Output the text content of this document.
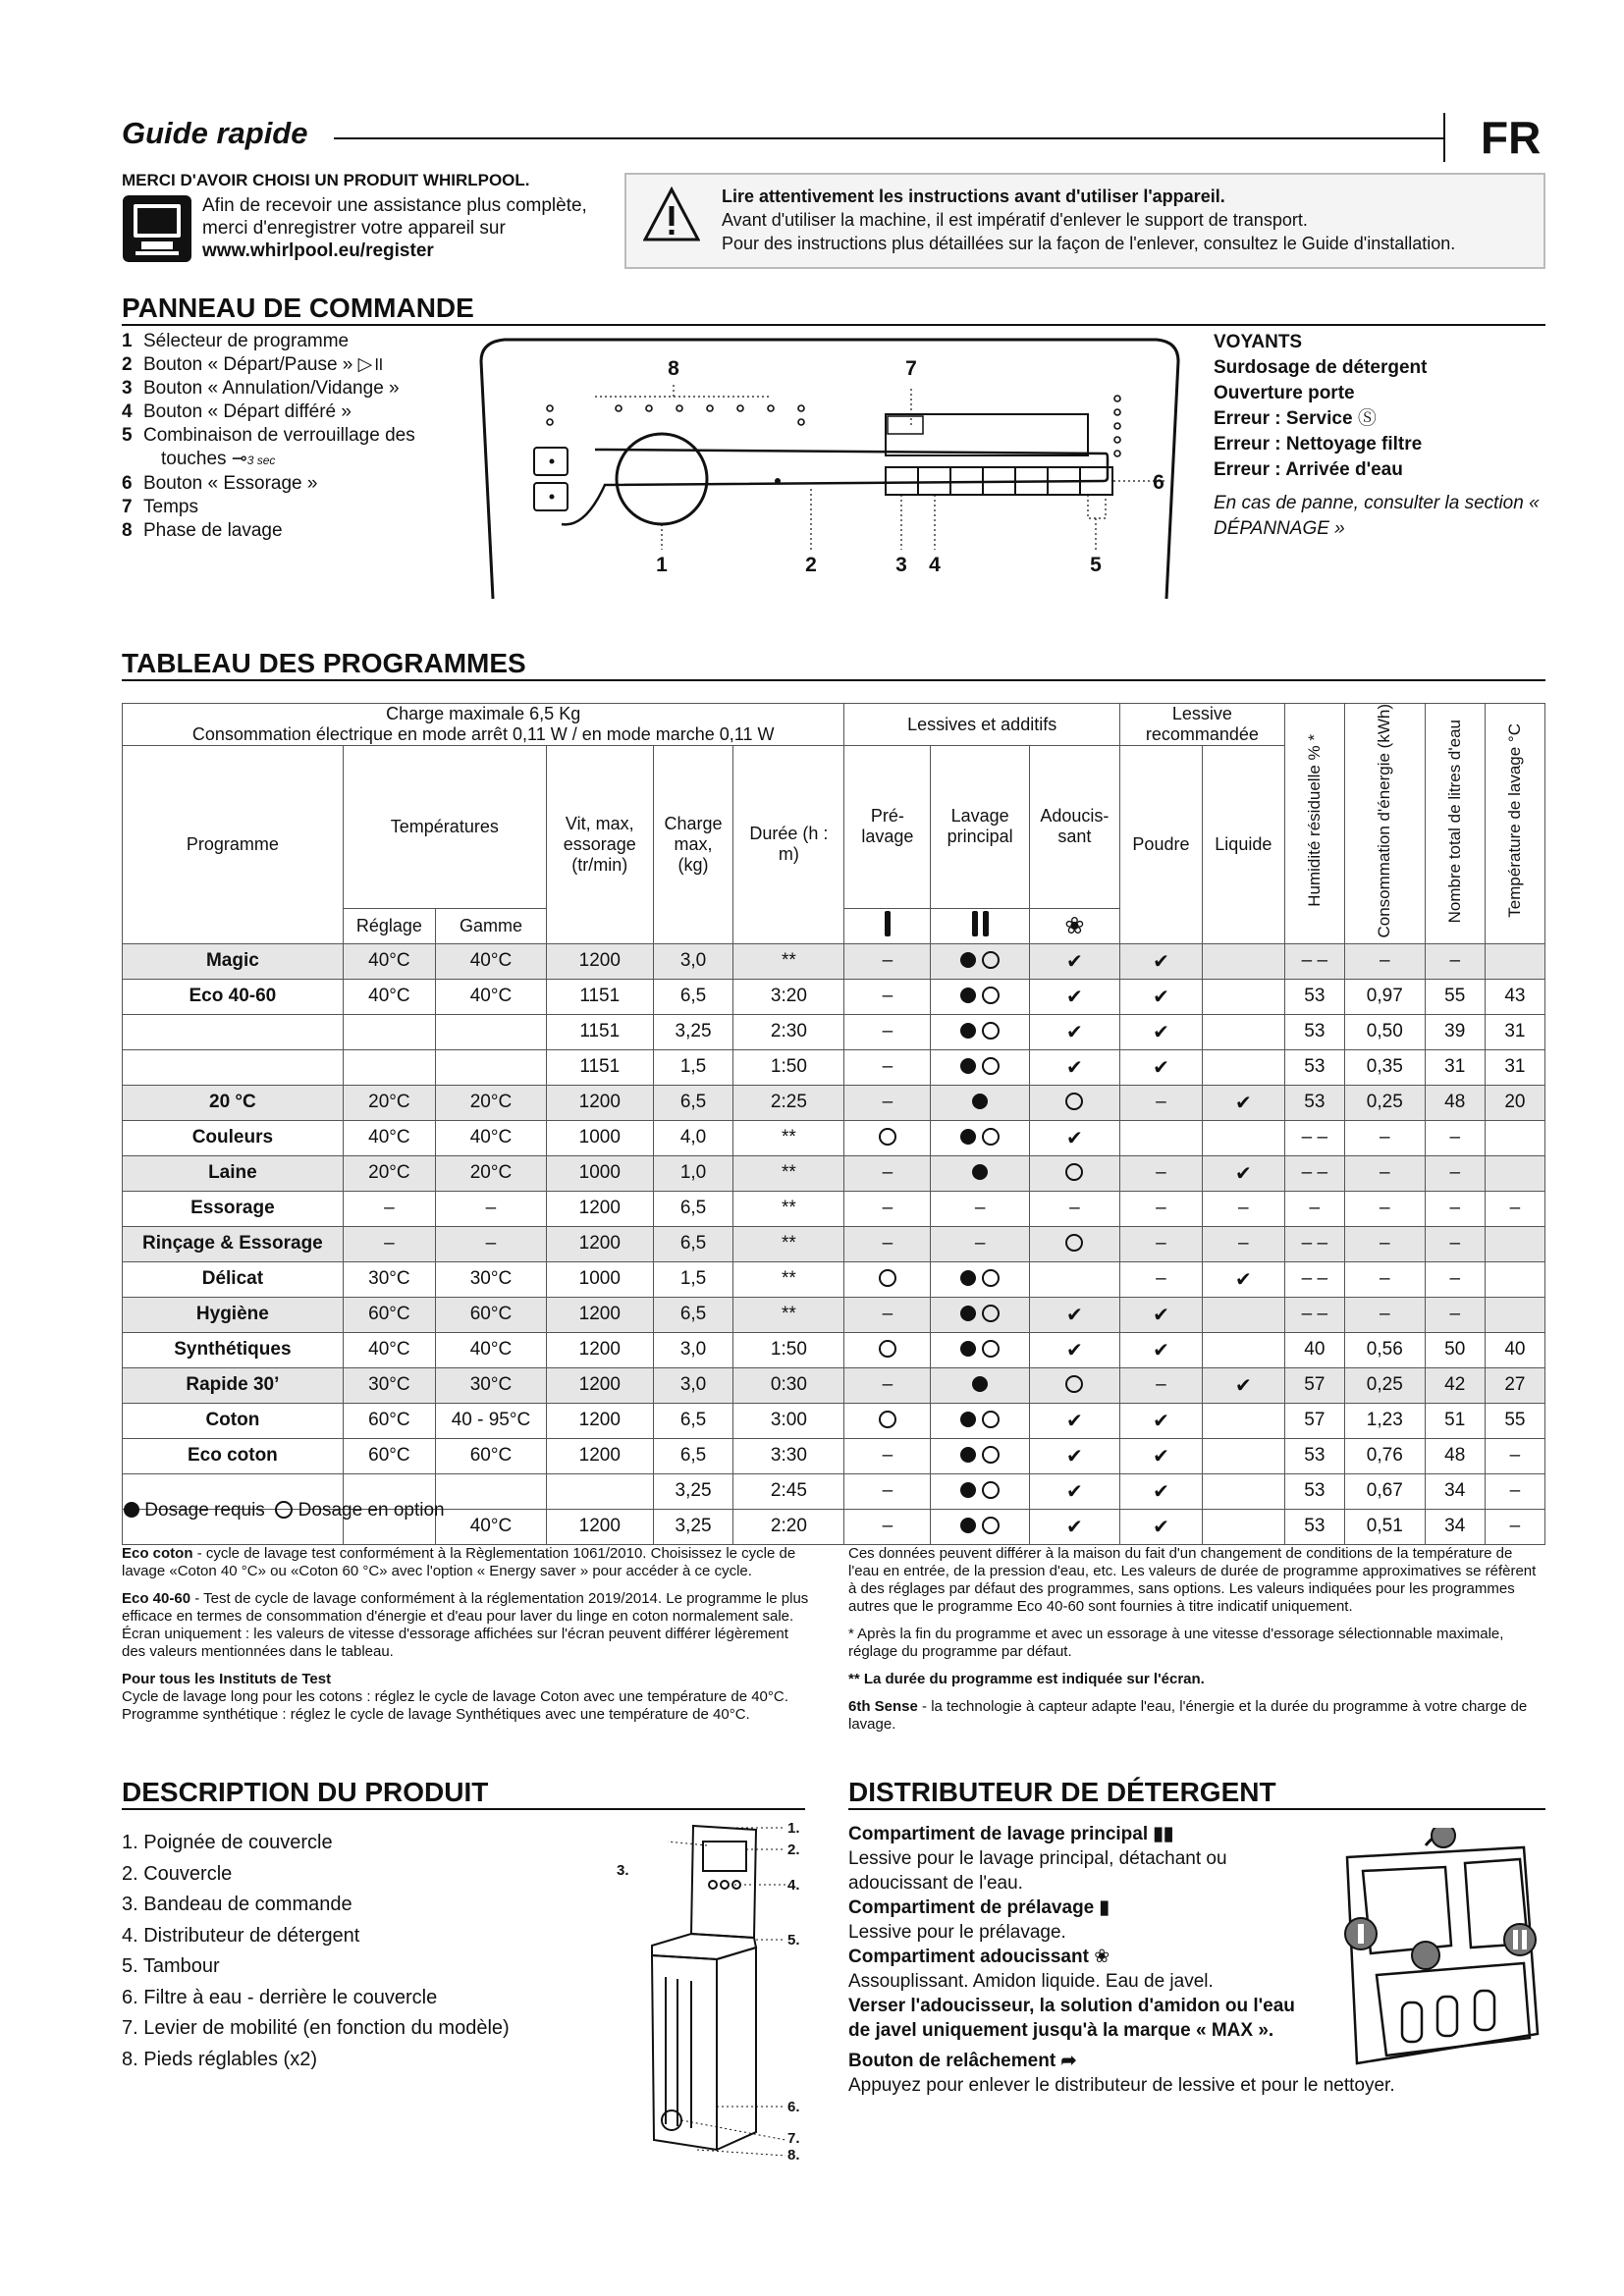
Guide rapide	FR
MERCI D'AVOIR CHOISI UN PRODUIT WHIRLPOOL.
Afin de recevoir une assistance plus complète, merci d'enregistrer votre appareil sur www.whirlpool.eu/register
Lire attentivement les instructions avant d'utiliser l'appareil.
Avant d'utiliser la machine, il est impératif d'enlever le support de transport.
Pour des instructions plus détaillées sur la façon de l'enlever, consultez le Guide d'installation.
PANNEAU DE COMMANDE
1 Sélecteur de programme
2 Bouton « Départ/Pause » ▷॥
3 Bouton « Annulation/Vidange »
4 Bouton « Départ différé »
5 Combinaison de verrouillage des
touches ⊸3 sec
6 Bouton « Essorage »
7 Temps
8 Phase de lavage
1	2	3 4	5
6
7
8
VOYANTS
Surdosage de détergent
Ouverture porte
Erreur : Service Ⓢ
Erreur : Nettoyage filtre
Erreur : Arrivée d'eau
En cas de panne, consulter la section « DÉPANNAGE »
TABLEAU DES PROGRAMMES
Charge maximale 6,5 Kg
Consommation électrique en mode arrêt 0,11 W / en mode marche 0,11 W						Lessives et additifs			Lessive recommandée		Humidité résiduelle % *	Consommation d'énergie (kWh)	Nombre total de litres d'eau	Température de lavage °C
Programme	Températures		Vit, max, essorage (tr/min)	Charge max, (kg)	Durée (h : m)	Pré-lavage	Lavage principal	Adoucis-sant	Poudre	Liquide				
	Réglage	Gamme						❀						
Magic	40°C	40°C	1200	3,0	**	–		✔	✔		– –	–	–	
Eco 40-60	40°C	40°C	1151	6,5	3:20	–		✔	✔		53	0,97	55	43
			1151	3,25	2:30	–		✔	✔		53	0,50	39	31
			1151	1,5	1:50	–		✔	✔		53	0,35	31	31
20 °C	20°C	20°C	1200	6,5	2:25	–			–	✔	53	0,25	48	20
Couleurs	40°C	40°C	1000	4,0	**			✔			– –	–	–	
Laine	20°C	20°C	1000	1,0	**	–			–	✔	– –	–	–	
Essorage	–	–	1200	6,5	**	–	–	–	–	–	–	–	–	–
Rinçage & Essorage	–	–	1200	6,5	**	–	–		–	–	– –	–	–	
Délicat	30°C	30°C	1000	1,5	**				–	✔	– –	–	–	
Hygiène	60°C	60°C	1200	6,5	**	–		✔	✔		– –	–	–	
Synthétiques	40°C	40°C	1200	3,0	1:50			✔	✔		40	0,56	50	40
Rapide 30’	30°C	30°C	1200	3,0	0:30	–			–	✔	57	0,25	42	27
Coton	60°C	40 - 95°C	1200	6,5	3:00			✔	✔		57	1,23	51	55
Eco coton	60°C	60°C	1200	6,5	3:30	–		✔	✔		53	0,76	48	–
				3,25	2:45	–		✔	✔		53	0,67	34	–
		40°C	1200	3,25	2:20	–		✔	✔		53	0,51	34	–
Dosage requis Dosage en option

Eco coton - cycle de lavage test conformément à la Règlementation 1061/2010. Choisissez le cycle de lavage «Coton 40 °C» ou «Coton 60 °C» avec l'option « Energy saver » pour accéder à ce cycle.

Eco 40-60 - Test de cycle de lavage conformément à la réglementation 2019/2014. Le programme le plus efficace en termes de consommation d'énergie et d'eau pour laver du linge en coton normalement sale. Écran uniquement : les valeurs de vitesse d'essorage affichées sur l'écran peuvent différer légèrement des valeurs mentionnées dans le tableau.

Pour tous les Instituts de Test
Cycle de lavage long pour les cotons : réglez le cycle de lavage Coton avec une température de 40°C.
Programme synthétique : réglez le cycle de lavage Synthétiques avec une température de 40°C.

Ces données peuvent différer à la maison du fait d'un changement de conditions de la température de l'eau en entrée, de la pression d'eau, etc. Les valeurs de durée de programme approximatives se réfèrent à des réglages par défaut des programmes, sans options. Les valeurs indiquées pour les programmes autres que le programme Eco 40-60 sont fournies à titre indicatif uniquement.

* Après la fin du programme et avec un essorage à une vitesse d'essorage sélectionnable maximale, réglage du programme par défaut.

** La durée du programme est indiquée sur l'écran.

6th Sense - la technologie à capteur adapte l'eau, l'énergie et la durée du programme à votre charge de lavage.

DESCRIPTION DU PRODUIT
1. Poignée de couvercle
2. Couvercle
3. Bandeau de commande
4. Distributeur de détergent
5. Tambour
6. Filtre à eau - derrière le couvercle
7. Levier de mobilité (en fonction du modèle)
8. Pieds réglables (x2)
1.
2.
3.
4.
5.
6.
7.
8.
DISTRIBUTEUR DE DÉTERGENT
Compartiment de lavage principal ▮▮
Lessive pour le lavage principal, détachant ou adoucissant de l'eau.
Compartiment de prélavage ▮
Lessive pour le prélavage.
Compartiment adoucissant ❀
Assouplissant. Amidon liquide. Eau de javel.
Verser l'adoucisseur, la solution d'amidon ou l'eau de javel uniquement jusqu'à la marque « MAX ».
Bouton de relâchement ➦
Appuyez pour enlever le distributeur de lessive et pour le nettoyer.
